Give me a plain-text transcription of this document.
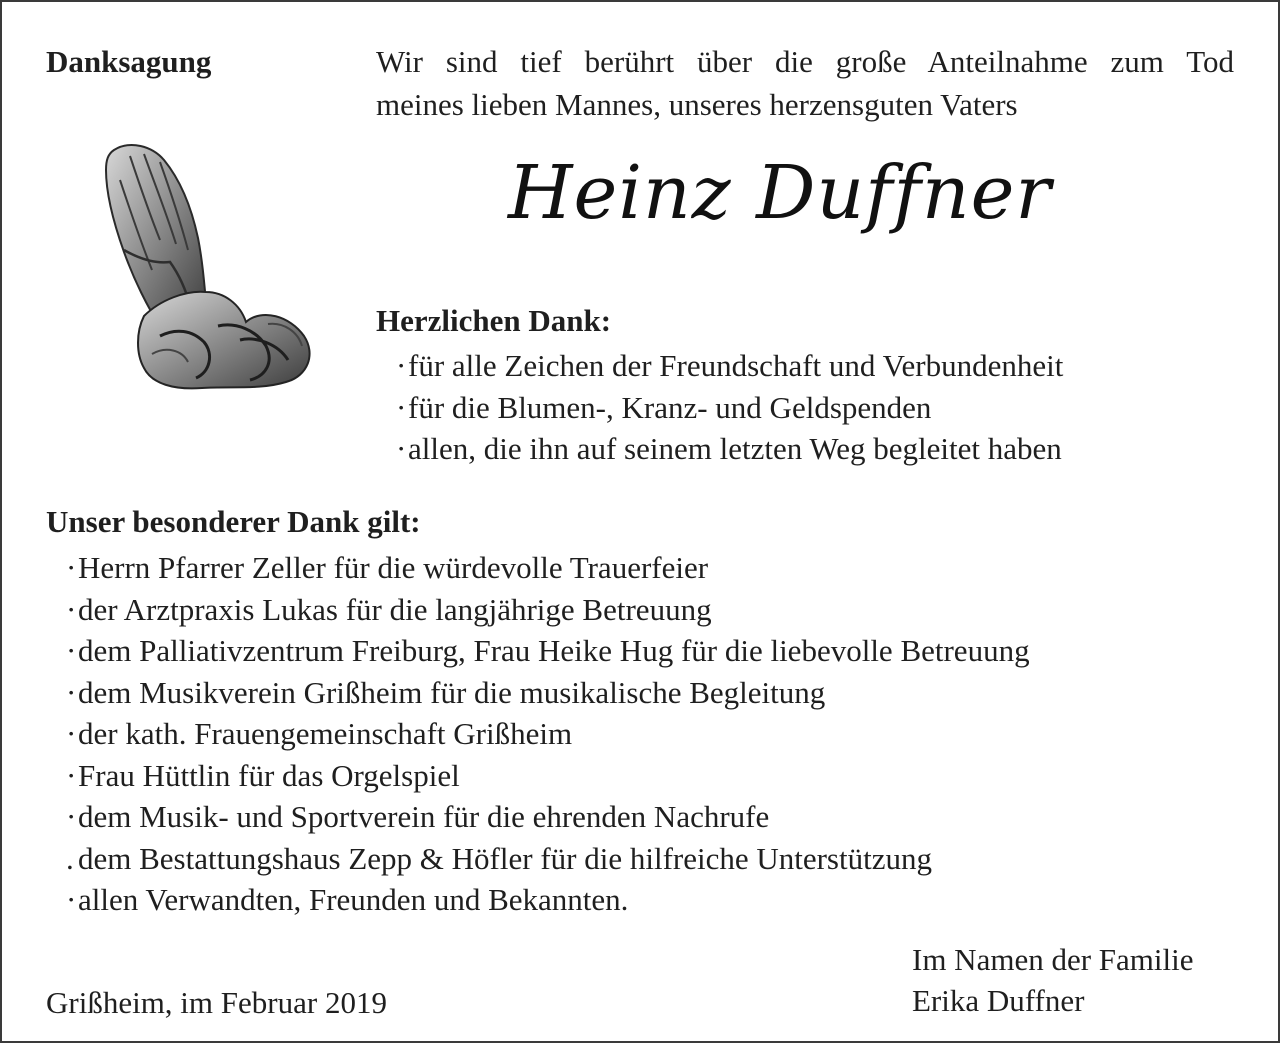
Danksagung	Wir sind tief berührt über die große Anteilnahme zum Tod
meines lieben Mannes, unseres herzensguten Vaters
Heinz Duffner
Herzlichen Dank:
·für alle Zeichen der Freundschaft und Verbundenheit
·für die Blumen-, Kranz- und Geldspenden
·allen, die ihn auf seinem letzten Weg begleitet haben
Unser besonderer Dank gilt:
·Herrn Pfarrer Zeller für die würdevolle Trauerfeier
·der Arztpraxis Lukas für die langjährige Betreuung
·dem Palliativzentrum Freiburg, Frau Heike Hug für die liebevolle Betreuung
·dem Musikverein Grißheim für die musikalische Begleitung
·der kath. Frauengemeinschaft Grißheim
·Frau Hüttlin für das Orgelspiel
·dem Musik- und Sportverein für die ehrenden Nachrufe
. dem Bestattungshaus Zepp & Höfler für die hilfreiche Unterstützung
·allen Verwandten, Freunden und Bekannten.
Im Namen der Familie
Erika Duffner
Grißheim, im Februar 2019
